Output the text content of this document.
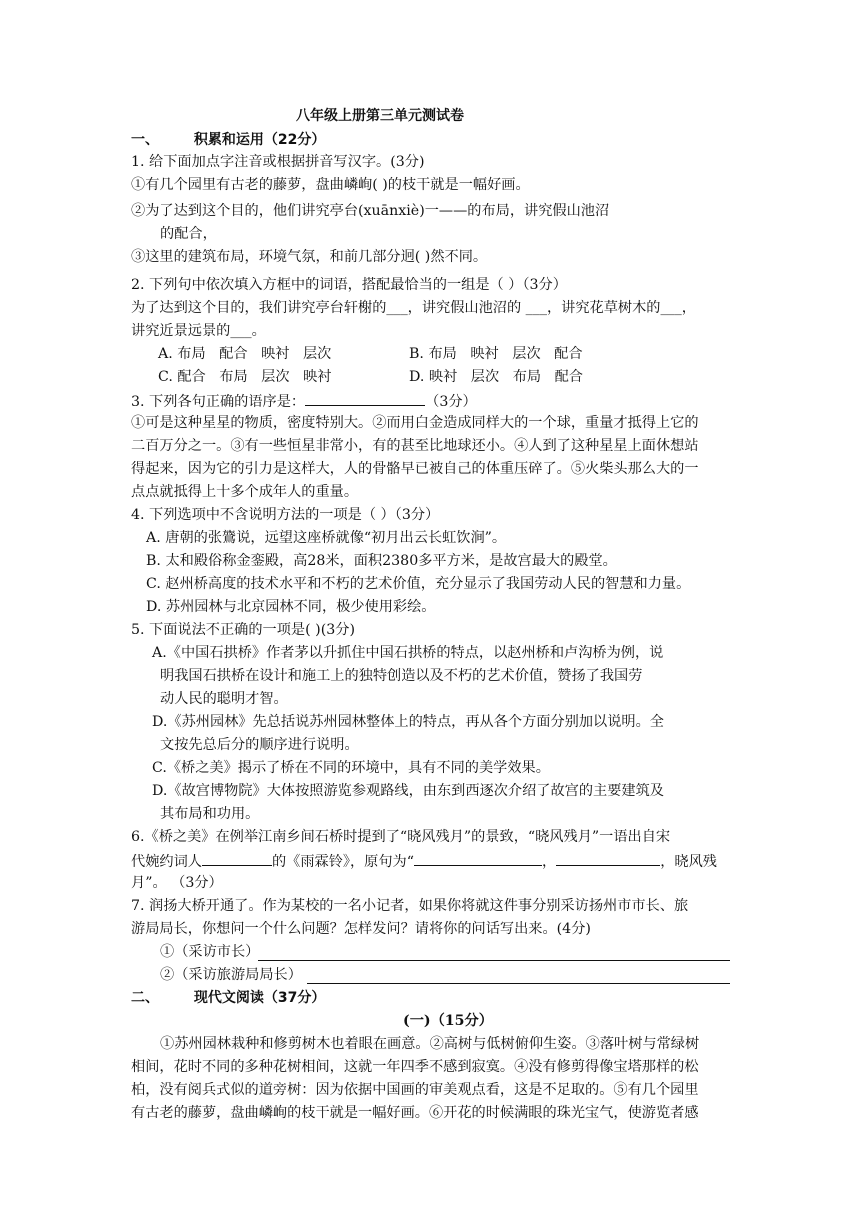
八年级上册第三单元测试卷
一、 积累和运用（22分）
1. 给下面加点字注音或根据拼音写汉字。(3分)
①有几个园里有古老的藤萝，盘曲嶙峋( )的枝干就是一幅好画。
②为了达到这个目的，他们讲究亭台(xuānxiè)一——的布局，讲究假山池沼
的配合，
③这里的建筑布局，环境气氛，和前几部分迥( )然不同。
2. 下列句中依次填入方框中的词语，搭配最恰当的一组是（ ）（3分）
为了达到这个目的，我们讲究亭台轩榭的___，讲究假山池沼的 ___，讲究花草树木的___，
讲究近景远景的___。
A. 布局   配合   映衬   层次	B. 布局   映衬   层次   配合
C. 配合   布局   层次   映衬	D. 映衬   层次   布局   配合
3. 下列各句正确的语序是：	（3分）
①可是这种星星的物质，密度特别大。②而用白金造成同样大的一个球，重量才抵得上它的
二百万分之一。③有一些恒星非常小，有的甚至比地球还小。④人到了这种星星上面休想站
得起来，因为它的引力是这样大，人的骨骼早已被自己的体重压碎了。⑤火柴头那么大的一
点点就抵得上十多个成年人的重量。
4. 下列选项中不含说明方法的一项是（ ）（3分）
A. 唐朝的张鷟说，远望这座桥就像“初月出云长虹饮涧”。
B. 太和殿俗称金銮殿，高28米，面积2380多平方米，是故宫最大的殿堂。
C. 赵州桥高度的技术水平和不朽的艺术价值，充分显示了我国劳动人民的智慧和力量。
D. 苏州园林与北京园林不同，极少使用彩绘。
5. 下面说法不正确的一项是( )(3分)
A.《中国石拱桥》作者茅以升抓住中国石拱桥的特点，以赵州桥和卢沟桥为例，说
明我国石拱桥在设计和施工上的独特创造以及不朽的艺术价值，赞扬了我国劳
动人民的聪明才智。
D.《苏州园林》先总括说苏州园林整体上的特点，再从各个方面分别加以说明。全
文按先总后分的顺序进行说明。
C.《桥之美》揭示了桥在不同的环境中，具有不同的美学效果。
D.《故宫博物院》大体按照游览参观路线，由东到西逐次介绍了故宫的主要建筑及
其布局和功用。
6.《桥之美》在例举江南乡间石桥时提到了“晓风残月”的景致，“晓风残月”一语出自宋
代婉约词人	的《雨霖铃》，原句为“	，	，晓风残
月”。 （3分）
7. 润扬大桥开通了。作为某校的一名小记者，如果你将就这件事分别采访扬州市市长、旅
游局局长，你想问一个什么问题？怎样发问？请将你的问话写出来。(4分)
①（采访市长）
②（采访旅游局局长）
二、 现代文阅读（37分）
(一)（15分）
①苏州园林栽种和修剪树木也着眼在画意。②高树与低树俯仰生姿。③落叶树与常绿树
相间，花时不同的多种花树相间，这就一年四季不感到寂寞。④没有修剪得像宝塔那样的松
柏，没有阅兵式似的道旁树：因为依据中国画的审美观点看，这是不足取的。⑤有几个园里
有古老的藤萝，盘曲嶙峋的枝干就是一幅好画。⑥开花的时候满眼的珠光宝气，使游览者感
